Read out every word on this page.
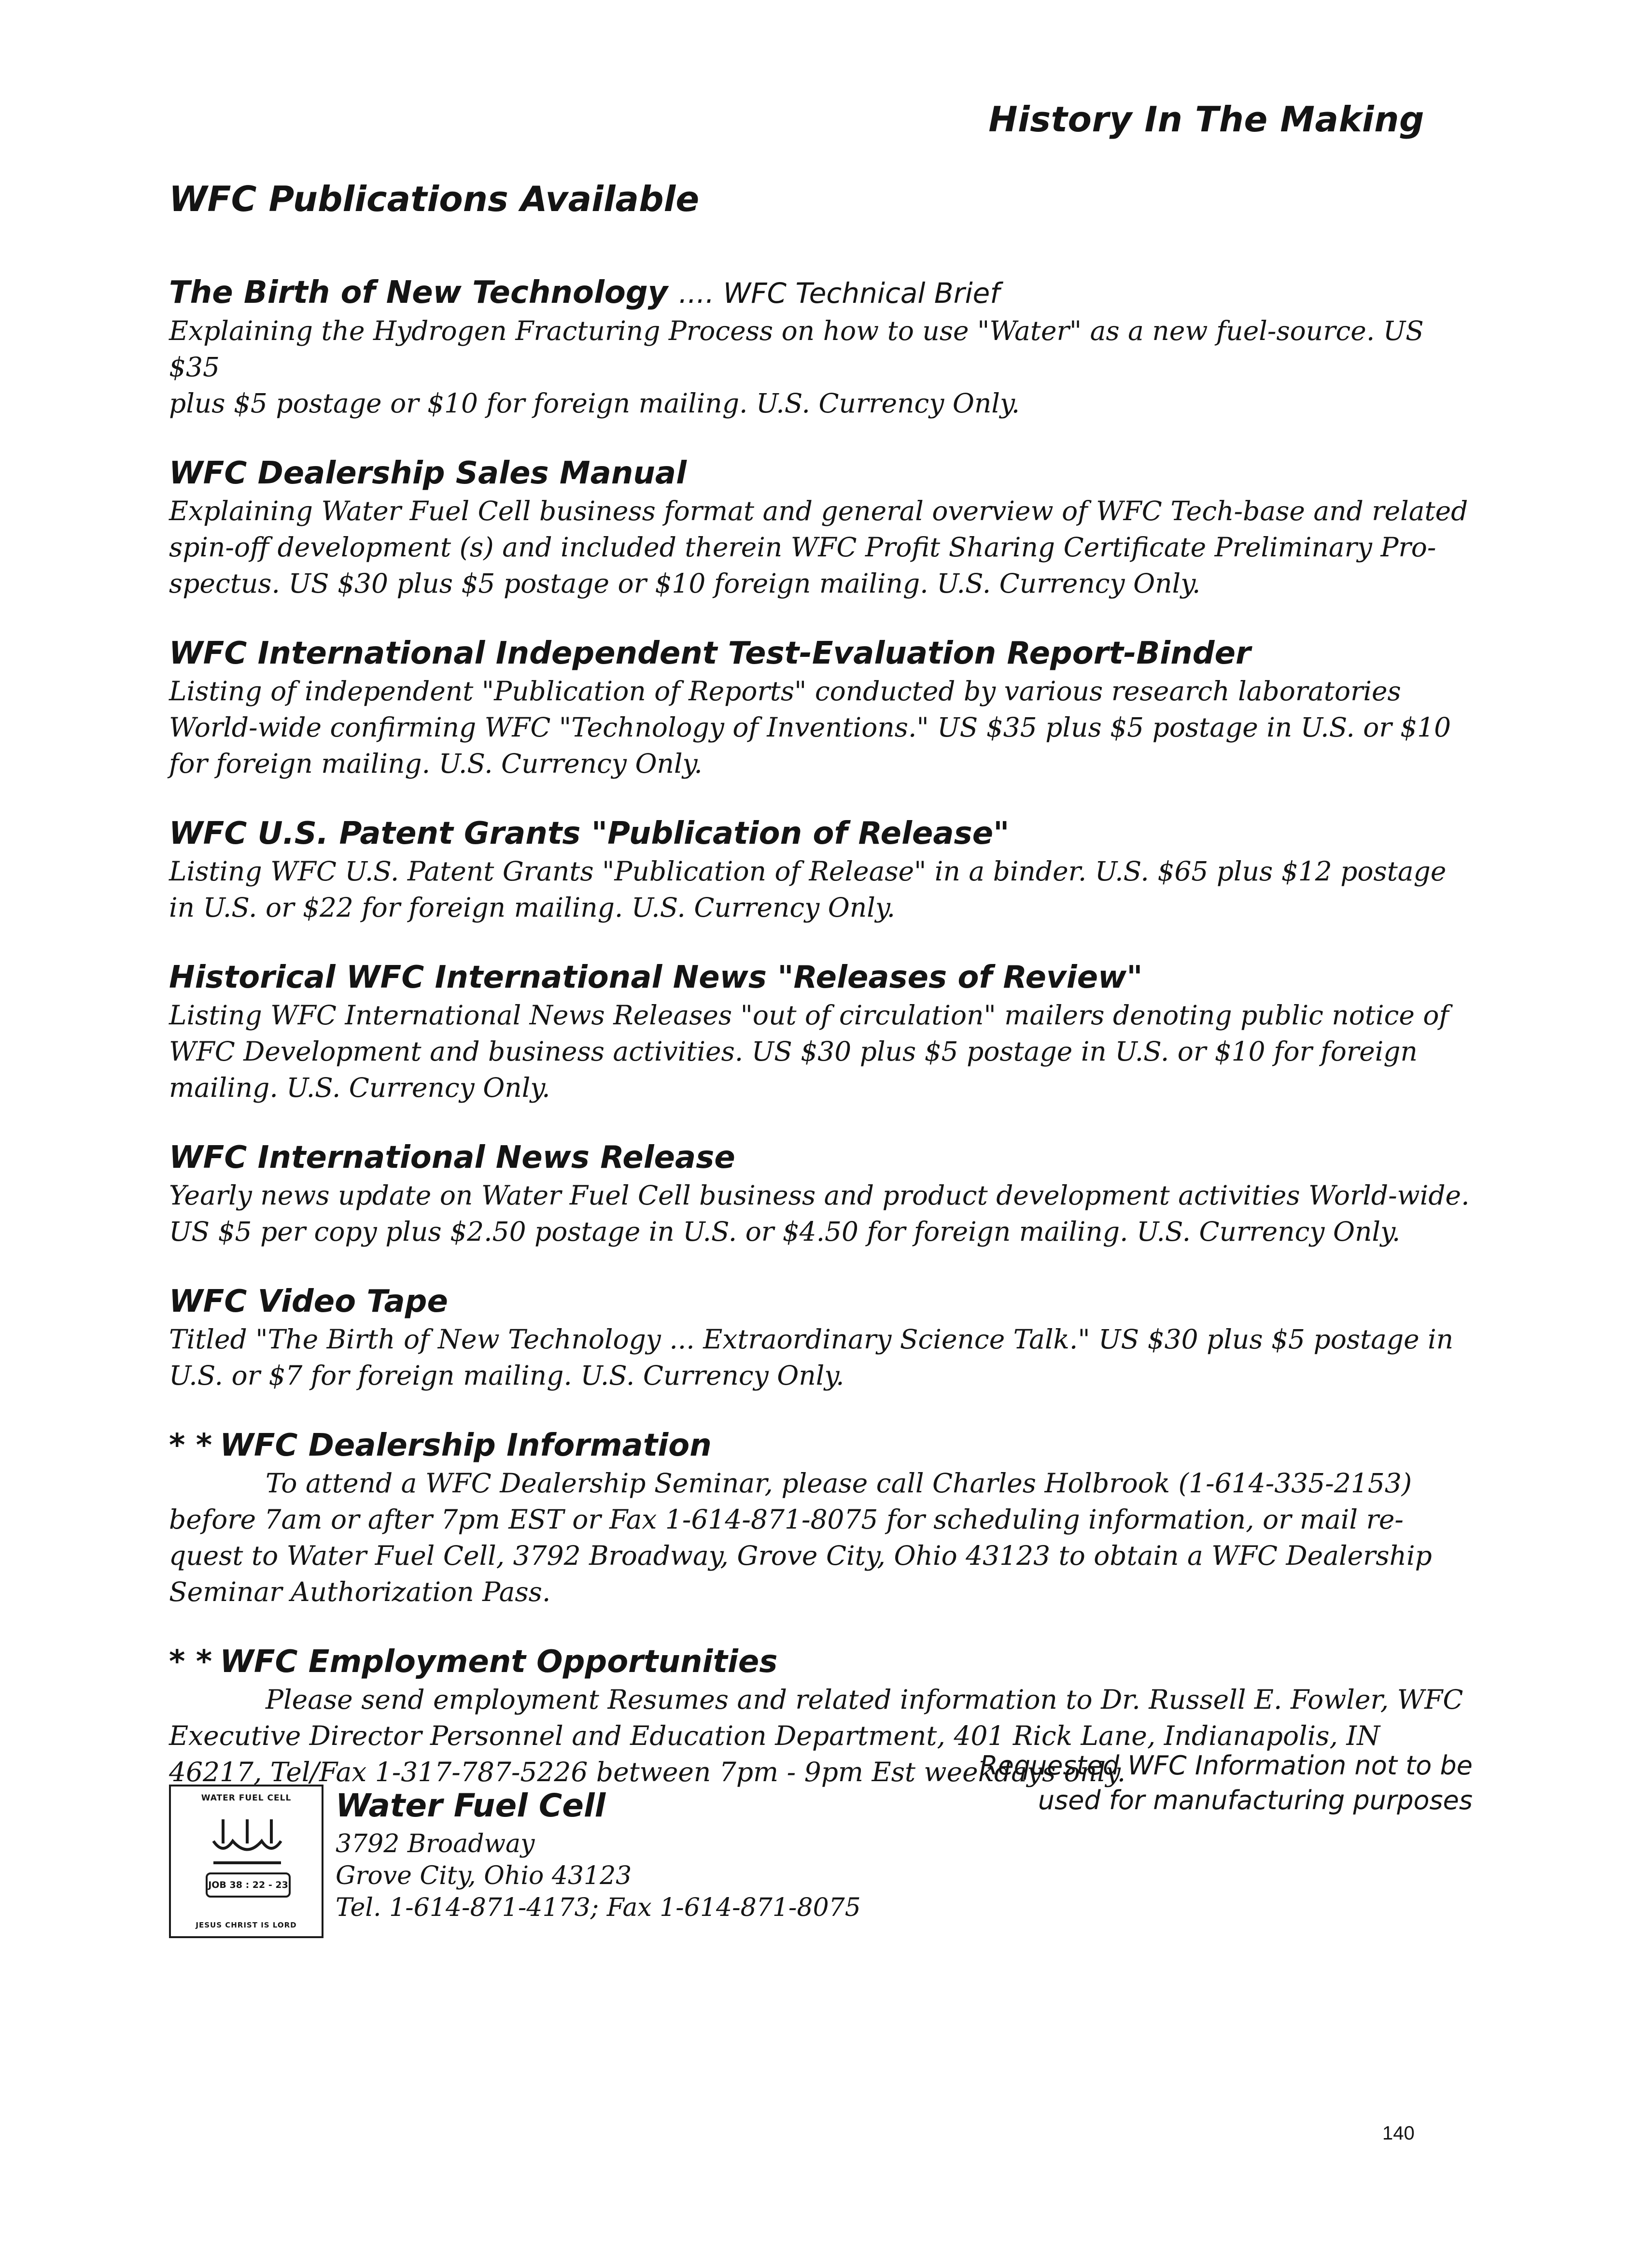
History In The Making
WFC Publications Available

The Birth of New Technology .... WFC Technical Brief

Explaining the Hydrogen Fracturing Process on how to use "Water" as a new fuel-source. US $35

plus $5 postage or $10 for foreign mailing. U.S. Currency Only.

WFC Dealership Sales Manual

Explaining Water Fuel Cell business format and general overview of WFC Tech-base and related

spin-off development (s) and included therein WFC Profit Sharing Certificate Preliminary Pro-

spectus. US $30 plus $5 postage or $10 foreign mailing. U.S. Currency Only.

WFC International Independent Test-Evaluation Report-Binder

Listing of independent "Publication of Reports" conducted by various research laboratories

World-wide confirming WFC "Technology of Inventions." US $35 plus $5 postage in U.S. or $10

for foreign mailing. U.S. Currency Only.

WFC U.S. Patent Grants "Publication of Release"

Listing WFC U.S. Patent Grants "Publication of Release" in a binder. U.S. $65 plus $12 postage

in U.S. or $22 for foreign mailing. U.S. Currency Only.

Historical WFC International News "Releases of Review"

Listing WFC International News Releases "out of circulation" mailers denoting public notice of

WFC Development and business activities. US $30 plus $5 postage in U.S. or $10 for foreign

mailing. U.S. Currency Only.

WFC International News Release

Yearly news update on Water Fuel Cell business and product development activities World-wide.

US $5 per copy plus $2.50 postage in U.S. or $4.50 for foreign mailing. U.S. Currency Only.

WFC Video Tape

Titled "The Birth of New Technology ... Extraordinary Science Talk." US $30 plus $5 postage in

U.S. or $7 for foreign mailing. U.S. Currency Only.

* * WFC Dealership Information

To attend a WFC Dealership Seminar, please call Charles Holbrook (1-614-335-2153)

before 7am or after 7pm EST or Fax 1-614-871-8075 for scheduling information, or mail re-

quest to Water Fuel Cell, 3792 Broadway, Grove City, Ohio 43123 to obtain a WFC Dealership

Seminar Authorization Pass.

* * WFC Employment Opportunities

Please send employment Resumes and related information to Dr. Russell E. Fowler, WFC

Executive Director Personnel and Education Department, 401 Rick Lane, Indianapolis, IN

46217, Tel/Fax 1-317-787-5226 between 7pm - 9pm Est weekdays only.

WATER FUEL CELL
JOB 38 : 22 - 23
JESUS CHRIST IS LORD

Water Fuel Cell

3792 Broadway

Grove City, Ohio 43123

Tel. 1-614-871-4173; Fax 1-614-871-8075

Requested WFC Information not to be
used for manufacturing purposes
140
